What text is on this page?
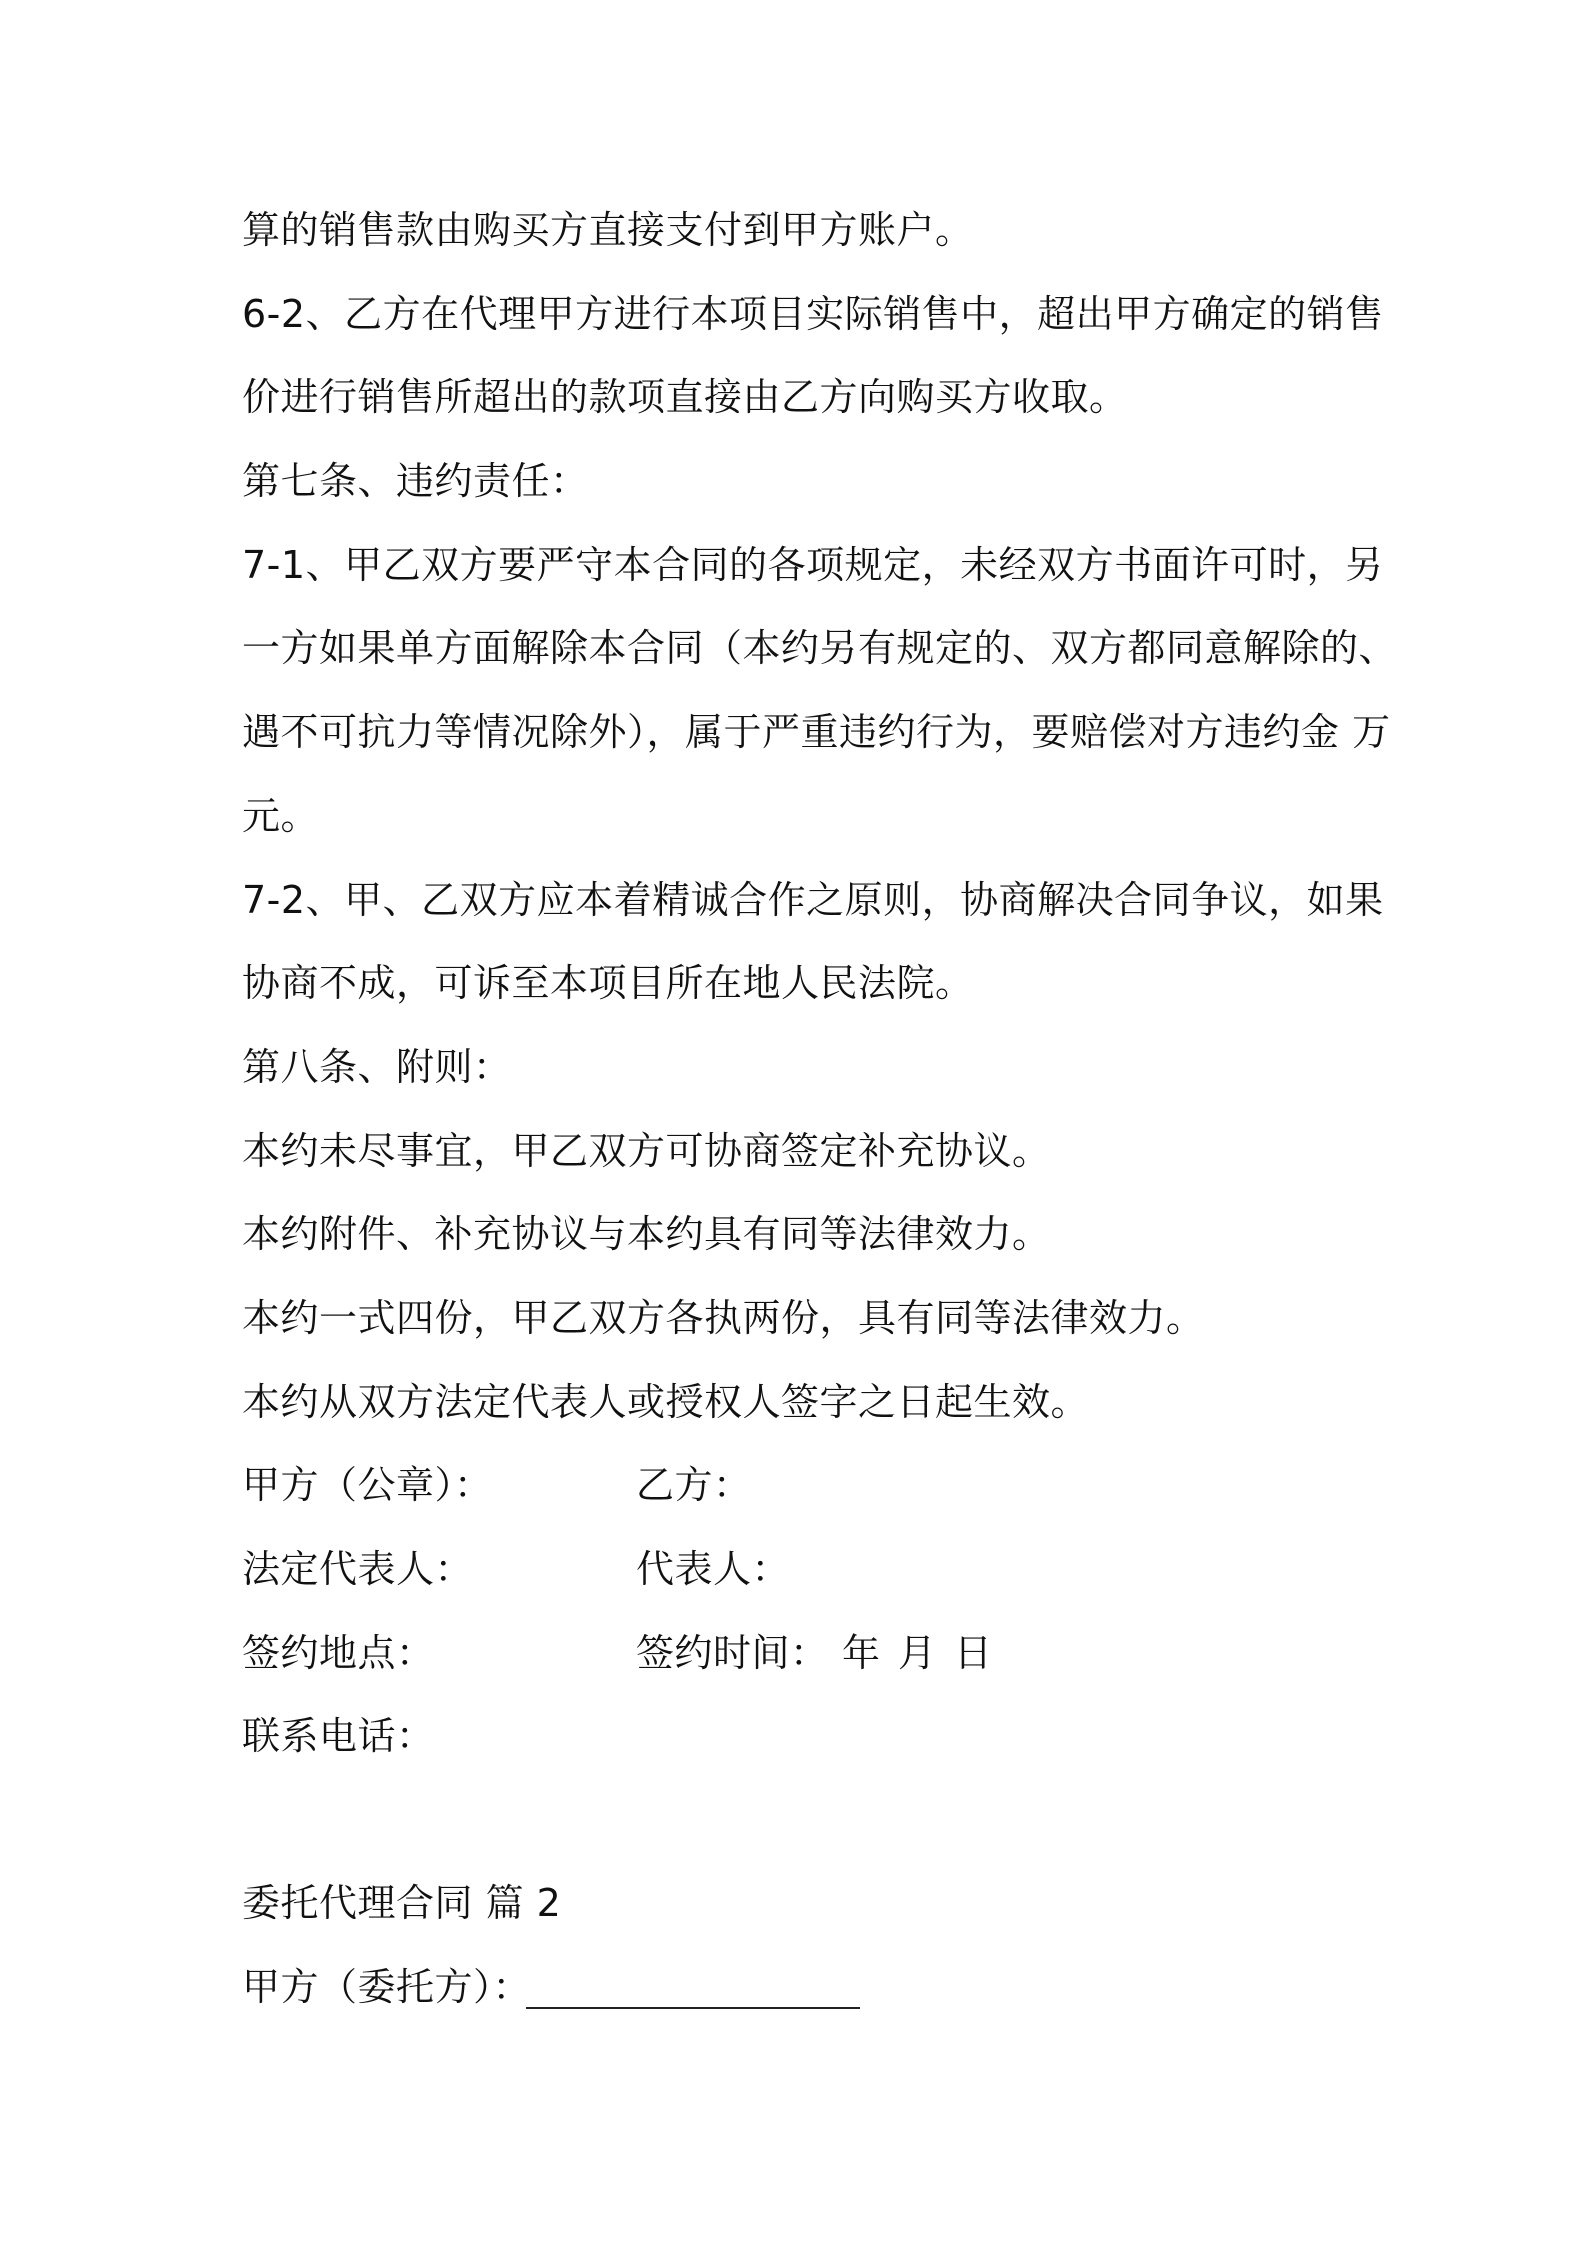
算的销售款由购买方直接支付到甲方账户。
6-2、乙方在代理甲方进行本项目实际销售中，超出甲方确定的销售
价进行销售所超出的款项直接由乙方向购买方收取。
第七条、违约责任：
7-1、甲乙双方要严守本合同的各项规定，未经双方书面许可时，另
一方如果单方面解除本合同（本约另有规定的、双方都同意解除的、
遇不可抗力等情况除外），属于严重违约行为，要赔偿对方违约金 万
元。
7-2、甲、乙双方应本着精诚合作之原则，协商解决合同争议，如果
协商不成，可诉至本项目所在地人民法院。
第八条、附则：
本约未尽事宜，甲乙双方可协商签定补充协议。
本约附件、补充协议与本约具有同等法律效力。
本约一式四份，甲乙双方各执两份，具有同等法律效力。
本约从双方法定代表人或授权人签字之日起生效。
甲方（公章）：	乙方：
法定代表人：	代表人：
签约地点：	签约时间： 年 月 日
联系电话：
委托代理合同 篇 2
甲方（委托方）：
